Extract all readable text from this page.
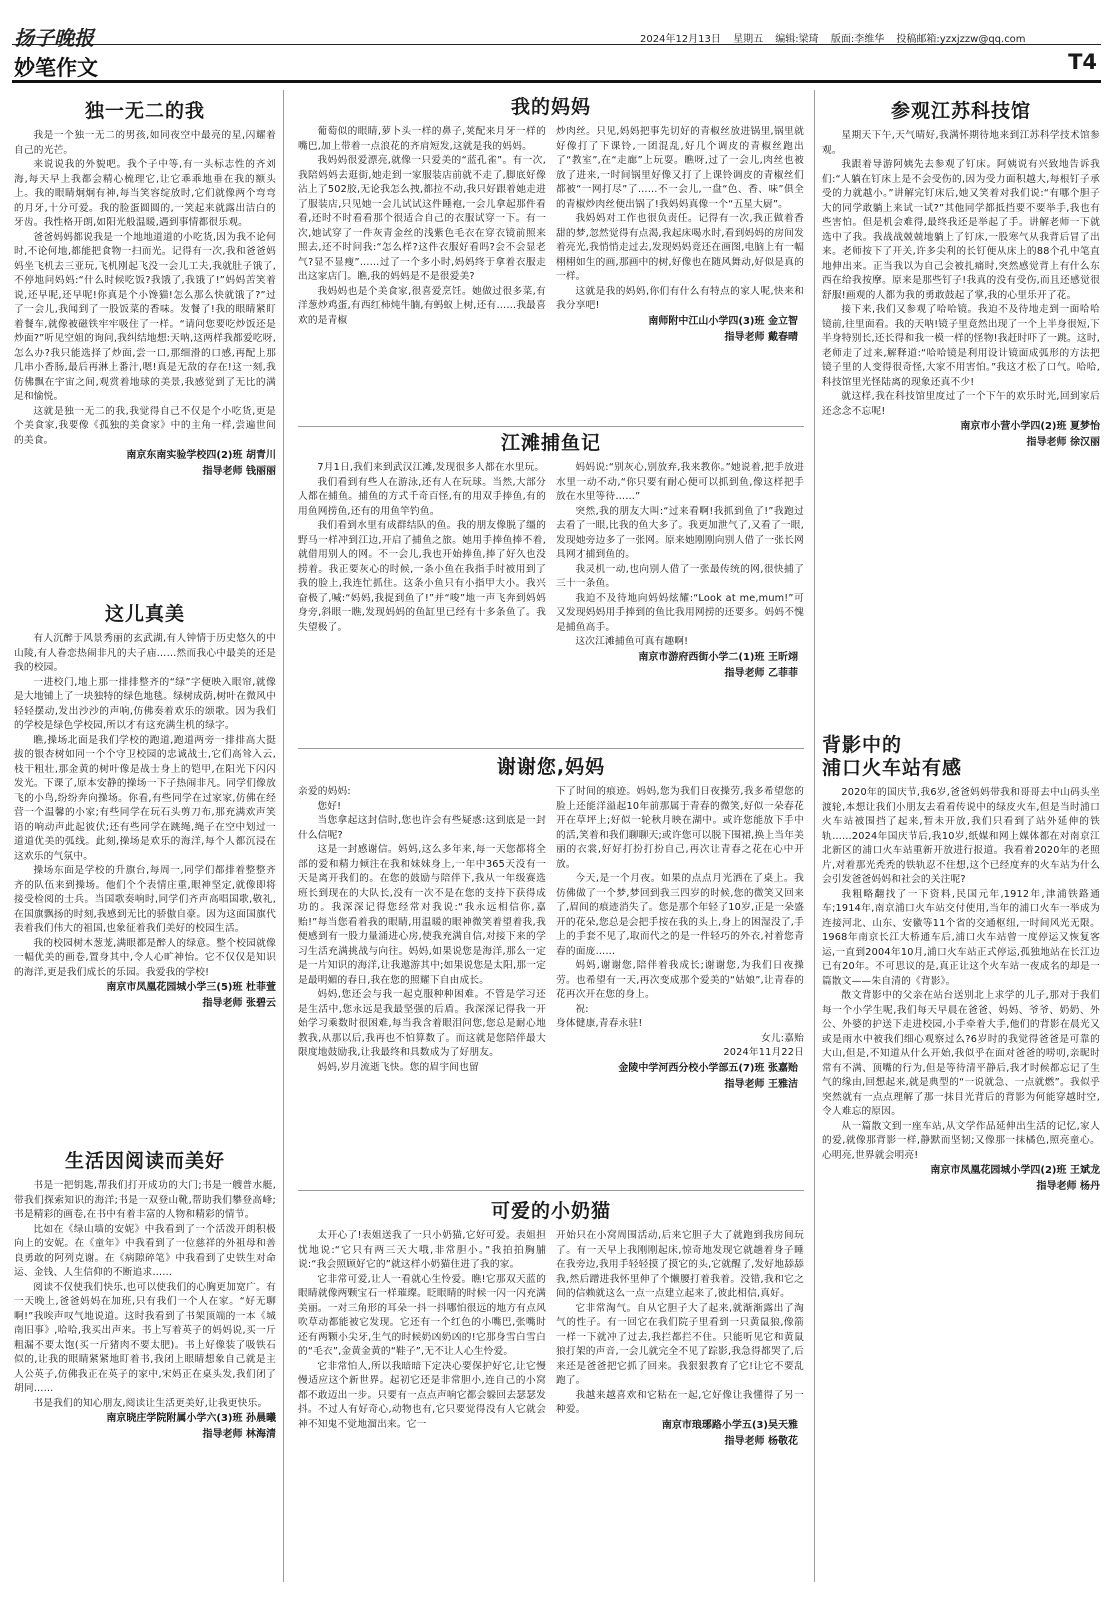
扬子晚报	2024年12月13日 星期五 编辑:梁琦 版面:李维华 投稿邮箱:yzxjzzw@qq.com
妙笔作文	T4
独一无二的我

我是一个独一无二的男孩,如同夜空中最亮的星,闪耀着自己的光芒。

来说说我的外貌吧。我个子中等,有一头标志性的齐刘海,每天早上我都会精心梳理它,让它乖乖地垂在我的额头上。我的眼睛炯炯有神,每当笑容绽放时,它们就像两个弯弯的月牙,十分可爱。我的脸蛋圆圆的,一笑起来就露出洁白的牙齿。我性格开朗,如阳光般温暖,遇到事情都很乐观。

爸爸妈妈都说我是一个地地道道的小吃货,因为我不论何时,不论何地,都能把食物一扫而光。记得有一次,我和爸爸妈妈坐飞机去三亚玩,飞机刚起飞没一会儿工夫,我就肚子饿了,不停地问妈妈:“什么时候吃饭?我饿了,我饿了!”妈妈苦笑着说,还早呢,还早呢!你真是个小馋猫!怎么那么快就饿了?”过了一会儿,我闻到了一股饭菜的香味。发餐了!我的眼睛紧盯着餐车,就像被磁铁牢牢吸住了一样。“请问您要吃炒饭还是炒面?”听见空姐的询问,我纠结地想:天呐,这两样我都爱吃呀,怎么办?我只能选择了炒面,尝一口,那细滑的口感,再配上那几串小香肠,最后再淋上番汁,嗯!真是无敌的存在!这一刻,我仿佛飘在宇宙之间,观赏着地球的美景,我感觉到了无比的满足和愉悦。

这就是独一无二的我,我觉得自己不仅是个小吃货,更是个美食家,我要像《孤独的美食家》中的主角一样,尝遍世间的美食。

南京东南实验学校四(2)班 胡青川
指导老师 钱丽丽
这儿真美

有人沉醉于风景秀丽的玄武湖,有人钟情于历史悠久的中山陵,有人眷恋热闹非凡的夫子庙……然而我心中最美的还是我的校园。

一进校门,地上那一排排整齐的“绿”字便映入眼帘,就像是大地铺上了一块独特的绿色地毯。绿树成荫,树叶在微风中轻轻摆动,发出沙沙的声响,仿佛奏着欢乐的颂歌。因为我们的学校是绿色学校园,所以才有这充满生机的绿字。

瞧,操场北面是我们学校的跑道,跑道两旁一排排高大挺拔的银杏树如同一个个守卫校园的忠诚战士,它们高耸入云,枝干粗壮,那金黄的树叶像是战士身上的铠甲,在阳光下闪闪发光。下课了,原本安静的操场一下子热闹非凡。同学们像放飞的小鸟,纷纷奔向操场。你看,有些同学在过家家,仿佛在经营一个温馨的小家;有些同学在玩石头剪刀布,那充满欢声笑语的响动声此起彼伏;还有些同学在跳绳,绳子在空中划过一道道优美的弧线。此刻,操场是欢乐的海洋,每个人都沉浸在这欢乐的气氛中。

操场东面是学校的升旗台,每周一,同学们都排着整整齐齐的队伍来到操场。他们个个表情庄重,眼神坚定,就像即将接受检阅的士兵。当国歌奏响时,同学们齐声高唱国歌,敬礼,在国旗飘扬的时刻,我感到无比的骄傲自豪。因为这面国旗代表着我们伟大的祖国,也象征着我们美好的校园生活。

我的校园树木葱茏,满眼都是醉人的绿意。整个校园就像一幅优美的画卷,置身其中,令人心旷神怡。它不仅仅是知识的海洋,更是我们成长的乐园。我爱我的学校!

南京市凤凰花园城小学三(5)班 杜菲萱
指导老师 张碧云
生活因阅读而美好

书是一把钥匙,帮我们打开成功的大门;书是一艘普水艇,带我们探索知识的海洋;书是一双登山靴,帮助我们攀登高峰;书是精彩的画卷,在书中有着丰富的人物和精彩的情节。

比如在《绿山墙的安妮》中我看到了一个活泼开朗积极向上的安妮。在《童年》中我看到了一位慈祥的外祖母和善良勇敢的阿列克谢。在《病隙碎笔》中我看到了史铁生对命运、金钱、人生信仰的不断追求……

阅读不仅使我们快乐,也可以使我们的心胸更加宽广。有一天晚上,爸爸妈妈在加班,只有我们一个人在家。“好无聊啊!”我唉声叹气地说道。这时我看到了书架顶端的一本《城南旧事》,哈哈,我买出声来。书上写着英子的妈妈说,买一斤粗漏不要太饱(买一斤猪肉不要太肥)。书上好像装了吸铁石似的,让我的眼睛紧紧地盯着书,我闭上眼睛想象自己就是主人公英子,仿佛我正在英子的家中,宋妈正在桌头发,我们闭了胡同……

书是我们的知心朋友,阅读让生活更美好,让我更快乐。

南京晓庄学院附属小学六(3)班 孙晨曦
指导老师 林海清
我的妈妈

葡萄似的眼睛,萝卜头一样的鼻子,荚配来月牙一样的嘴巴,加上带着一点浪花的齐肩短发,这就是我的妈妈。

我妈妈很爱漂亮,就像一只爱美的“蓝孔雀”。有一次,我陪妈妈去逛街,她走到一家服装店前就不走了,脚底好像沾上了502胶,无论我怎么拽,都拉不动,我只好跟着她走进了服装店,只见她一会儿试试这件睡袍,一会儿拿起那件看看,还时不时看看那个很适合自己的衣服试穿一下。有一次,她试穿了一件灰青金丝的浅紫色毛衣在穿衣镜前照来照去,还不时问我:“怎么样?这件衣服好看吗?会不会显老气?显不显瘦”……过了一个多小时,妈妈终于拿着衣服走出这家店门。瞧,我的妈妈是不是很爱美?

我妈妈也是个美食家,很喜爱烹饪。她做过很多菜,有洋葱炒鸡蛋,有西红柿炖牛腩,有蚂蚁上树,还有……我最喜欢的是青椒

炒肉丝。只见,妈妈把事先切好的青椒丝放进锅里,锅里就好像打了下课铃,一团混乱,好几个调皮的青椒丝跑出了“教室”,在“走廊”上玩耍。瞧呀,过了一会儿,肉丝也被放了进来,一时间锅里好像又打了上课铃调皮的青椒丝们都被“一网打尽”了……不一会儿,一盘“色、香、味”俱全的青椒炒肉丝便出锅了!我妈妈真像一个“五星大厨”。

我妈妈对工作也很负责任。记得有一次,我正做着香甜的梦,忽然觉得有点渴,我起床喝水时,看到妈妈的房间发着亮光,我悄悄走过去,发现妈妈竟还在画图,电脑上有一幅栩栩如生的画,那画中的树,好像也在随风舞动,好似是真的一样。

这就是我的妈妈,你们有什么有特点的家人呢,快来和我分享吧!

南师附中江山小学四(3)班 金立智
指导老师 戴春晴
江滩捕鱼记

7月1日,我们来到武汉江滩,发现很多人都在水里玩。

我们看到有些人在游泳,还有人在玩球。当然,大部分人都在捕鱼。捕鱼的方式千奇百怪,有的用双手捧鱼,有的用鱼网捞鱼,还有的用鱼竿钓鱼。

我们看到水里有成群结队的鱼。我的朋友像脱了缰的野马一样冲到江边,开启了捕鱼之旅。她用手捧鱼捧不着,就借用别人的网。不一会儿,我也开始捧鱼,捧了好久也没捞着。我正要灰心的时候,一条小鱼在我指手时被用到了我的脸上,我连忙抓住。这条小鱼只有小指甲大小。我兴奋极了,喊:“妈妈,我捉到鱼了!”并“唆”地一声飞奔到妈妈身旁,斜眼一瞧,发现妈妈的鱼缸里已经有十多条鱼了。我失望极了。

妈妈说:“别灰心,别放弃,我来教你。”她说着,把手放进水里一动不动,“你只要有耐心便可以抓到鱼,像这样把手放在水里等待……”

突然,我的朋友大叫:“过来看啊!我抓到鱼了!”我跑过去看了一眼,比我的鱼大多了。我更加泄气了,又看了一眼,发现她旁边多了一张网。原来她刚刚向别人借了一张长网具网才捕到鱼的。

我灵机一动,也向别人借了一张最传统的网,很快捕了三十一条鱼。

我迫不及待地向妈妈炫耀:“Look at me,mum!”可又发现妈妈用手捧到的鱼比我用网捞的还要多。妈妈不愧是捕鱼高手。

这次江滩捕鱼可真有趣啊!

南京市游府西街小学二(1)班 王昕翊
指导老师 乙菲菲
谢谢您,妈妈

亲爱的妈妈:

您好!

当您拿起这封信时,您也许会有些疑惑:这到底是一封什么信呢?

这是一封感谢信。妈妈,这么多年来,每一天您都将全部的爱和精力倾注在我和妹妹身上,一年中365天没有一天是离开我们的。在您的鼓励与陪伴下,我从一年级赛选班长到现在的大队长,没有一次不是在您的支持下获得成功的。我深深记得您经常对我说:“我永远相信你,嘉贻!”每当您看着我的眼睛,用温暖的眼神微笑着望着我,我便感到有一股力量涌进心房,使我充满自信,对接下来的学习生活充满挑战与向往。妈妈,如果说您是海洋,那么一定是一片知识的海洋,让我遨游其中;如果说您是太阳,那一定是最明媚的春日,我在您的照耀下自由成长。

妈妈,您还会与我一起克服种种困难。不管是学习还是生活中,您永远是我最坚强的后盾。我深深记得我一开始学习乘数时很困难,每当我含着眼泪问您,您总是耐心地教我,从那以后,我再也不怕算数了。而这就是您陪伴最大限度地鼓励我,让我最终和具数成为了好朋友。

妈妈,岁月流逝飞快。您的眉宇间也留

下了时间的痕迹。妈妈,您为我们日夜操劳,我多希望您的脸上还能洋溢起10年前那属于青春的微笑,好似一朵春花开在草坪上;好似一轮秋月映在湖中。或许您能放下手中的活,笑着和我们聊聊天;或许您可以脱下围裙,换上当年美丽的衣裳,好好打扮打扮自己,再次让青春之花在心中开放。

今天,是一个月夜。如果的点点月光洒在了桌上。我仿佛做了一个梦,梦回到我三四岁的时候,您的微笑又回来了,眉间的痕迹消失了。您是那个年轻了10岁,正是一朵盛开的花朵,您总是会把手按在我的头上,身上的困湿没了,手上的手套不见了,取而代之的是一件轻巧的外衣,衬着您青春的面庞……

妈妈,谢谢您,陪伴着我成长;谢谢您,为我们日夜操劳。也希望有一天,再次变成那个爱美的“姑娘”,让青春的花再次开在您的身上。

祝:

身体健康,青春永驻!

女儿:嘉贻

2024年11月22日

金陵中学河西分校小学部五(7)班 张嘉贻
指导老师 王雅洁
可爱的小奶猫

太开心了!表姐送我了一只小奶猫,它好可爱。表姐担忧地说:“它只有两三天大哦,非常胆小。”我拍拍胸脯说:“我会照顾好它的”就这样小奶猫住进了我的家。

它非常可爱,让人一看就心生怜爱。瞧!它那双天蓝的眼睛就像两颗宝石一样璀璨。眨眼睛的时候一闪一闪充满美丽。一对三角形的耳朵一抖一抖哪怕很远的地方有点风吹草动都能被它发现。它还有一个红色的小嘴巴,张嘴时还有两颗小尖牙,生气的时候奶凶奶凶的!它那身雪白雪白的“毛衣”,金黄金黄的“鞋子”,无不让人心生怜爱。

它非常怕人,所以我暗暗下定决心要保护好它,让它慢慢适应这个新世界。起初它还是非常胆小,连自己的小窝都不敢迈出一步。只要有一点点声响它都会躲回去瑟瑟发抖。不过人有好奇心,动物也有,它只要觉得没有人它就会神不知鬼不觉地溜出来。它一

开始只在小窝周围活动,后来它胆子大了就跑到我房间玩了。有一天早上我刚刚起床,惊奇地发现它就趟着身子睡在我旁边,我用手轻轻摸了摸它的头,它就醒了,发好地舔舔我,然后蹭进我怀里伸了个懒腰打着我着。没错,我和它之间的信赖就这么一点一点建立起来了,彼此相信,真好。

它非常淘气。自从它胆子大了起来,就渐渐露出了淘气的性子。有一回它在我们院子里看到一只黄鼠狼,像箭一样一下就冲了过去,我拦都拦不住。只能听见它和黄鼠狼打架的声音,一会儿就完全不见了踪影,我急得都哭了,后来还是爸爸把它抓了回来。我狠狠教育了它!让它不要乱跑了。

我越来越喜欢和它粘在一起,它好像让我懂得了另一种爱。

南京市琅琊路小学五(3)吴天雅
指导老师 杨敬花
参观江苏科技馆

星期天下午,天气晴好,我满怀期待地来到江苏科学技术馆参观。

我跟着导游阿姨先去参观了钉床。阿姨说有兴致地告诉我们:“人躺在钉床上是不会受伤的,因为受力面积越大,每根钉子承受的力就越小。”讲解完钉床后,她又笑着对我们说:“有哪个胆子大的同学敢躺上来试一试?”其他同学都抵挡要不要举手,我也有些害怕。但是机会难得,最终我还是举起了手。讲解老师一下就选中了我。我战战兢兢地躺上了钉床,一股寒气从我背后冒了出来。老师按下了开关,许多尖利的长钉便从床上的88个孔中笔直地伸出来。正当我以为自己会被扎痛时,突然感觉背上有什么东西在给我按摩。原来是那些钉子!我真的没有受伤,而且还感觉很舒服!画观的人都为我的勇敢鼓起了掌,我的心里乐开了花。

接下来,我们又参观了哈哈镜。我迫不及待地走到一面哈哈镜前,往里面看。我的天呐!镜子里竟然出现了一个上半身很短,下半身特别长,还长得和我一模一样的怪物!我赶时吓了一跳。这时,老师走了过来,解释道:“哈哈镜是利用设计镜面成弧形的方法把镜子里的人变得很奇怪,大家不用害怕。”我这才松了口气。哈哈,科技馆里光怪陆离的现象还真不少!

就这样,我在科技馆里度过了一个下午的欢乐时光,回到家后还念念不忘呢!

南京市小营小学四(2)班 夏梦怡
指导老师 徐汉丽
背影中的
浦口火车站有感

2020年的国庆节,我6岁,爸爸妈妈带我和哥哥去中山码头坐渡轮,本想让我们小朋友去看看传说中的绿皮火车,但是当时浦口火车站被围挡了起来,暂未开放,我们只看到了站外延伸的铁轨……2024年国庆节后,我10岁,纸媒和网上媒体都在对南京江北新区的浦口火车站重新开放进行报道。我看着2020年的老照片,对着那光秃秃的铁轨忍不住想,这个已经度弃的火车站为什么会引发爸爸妈妈和社会的关注呢?

我粗略翻找了一下资料,民国元年,1912年,津浦铁路通车;1914年,南京浦口火车站交付使用,当年的浦口火车一举成为连接河北、山东、安徽等11个省的交通枢纽,一时间风光无限。1968年南京长江大桥通车后,浦口火车站曾一度停运又恢复客运,一直到2004年10月,浦口火车站正式停运,孤独地站在长江边已有20年。不可思议的是,真正让这个火车站一夜成名的却是一篇散文——朱自清的《背影》。

散文背影中的父亲在站台送别北上求学的儿子,那对于我们每一个小学生呢,我们每天早晨在爸爸、妈妈、爷爷、奶奶、外公、外婆的护送下走进校园,小手牵着大手,他们的背影在晨光又或是雨水中被我们细心观察过么?6岁时的我觉得爸爸是可靠的大山,但是,不知道从什么开始,我似乎在面对爸爸的唠叨,亲昵时常有不满、顶嘴的行为,但是等待清平静后,我才时候都忘记了生气的缘由,回想起来,就是典型的“一说就急、一点就燃”。我似乎突然就有一点点理解了那一抹目光背后的背影为何能穿越时空,令人难忘的原因。

从一篇散文到一座车站,从文学作品延伸出生活的记忆,家人的爱,就像那背影一样,静默而坚韧;又像那一抹橘色,照亮童心。心明亮,世界就会明亮!

南京市凤凰花园城小学四(2)班 王斌龙
指导老师 杨丹
